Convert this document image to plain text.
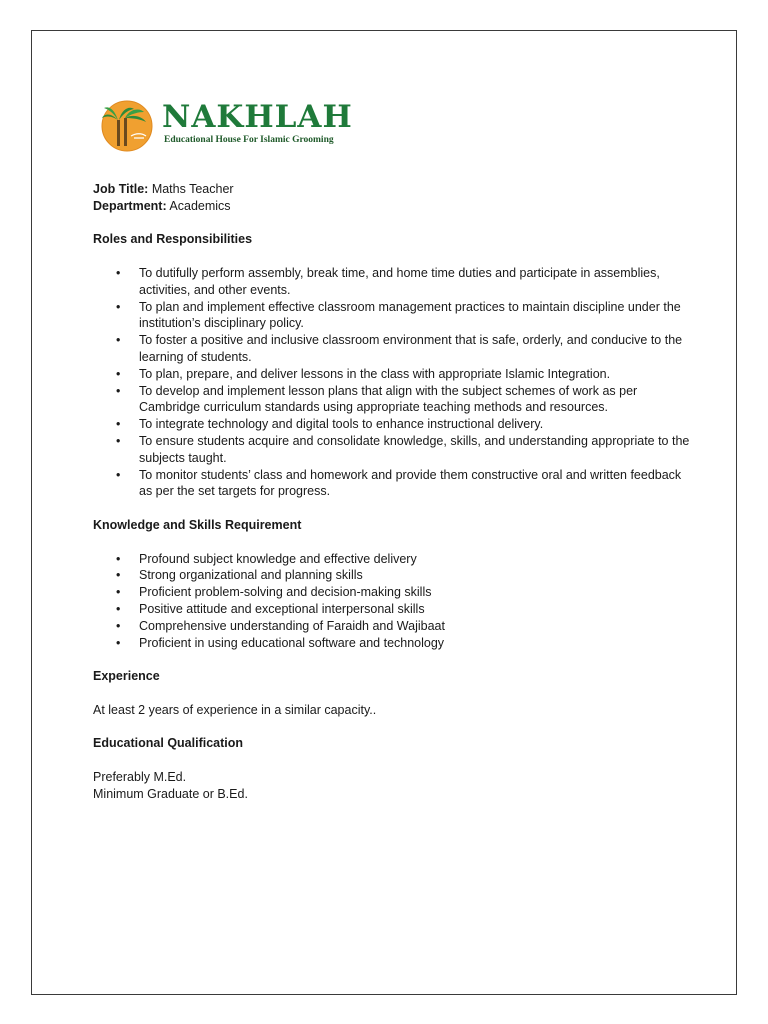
NAKHLAH
Educational House For Islamic Grooming

Job Title: Maths Teacher

Department: Academics

Roles and Responsibilities

• To dutifully perform assembly, break time, and home time duties and participate in assemblies, activities, and other events.
• To plan and implement effective classroom management practices to maintain discipline under the institution’s disciplinary policy.
• To foster a positive and inclusive classroom environment that is safe, orderly, and conducive to the learning of students.
• To plan, prepare, and deliver lessons in the class with appropriate Islamic Integration.
• To develop and implement lesson plans that align with the subject schemes of work as per Cambridge curriculum standards using appropriate teaching methods and resources.
• To integrate technology and digital tools to enhance instructional delivery.
• To ensure students acquire and consolidate knowledge, skills, and understanding appropriate to the subjects taught.
• To monitor students’ class and homework and provide them constructive oral and written feedback as per the set targets for progress.

Knowledge and Skills Requirement

• Profound subject knowledge and effective delivery
• Strong organizational and planning skills
• Proficient problem-solving and decision-making skills
• Positive attitude and exceptional interpersonal skills
• Comprehensive understanding of Faraidh and Wajibaat
• Proficient in using educational software and technology

Experience

At least 2 years of experience in a similar capacity..

Educational Qualification

Preferably M.Ed.

Minimum Graduate or B.Ed.
